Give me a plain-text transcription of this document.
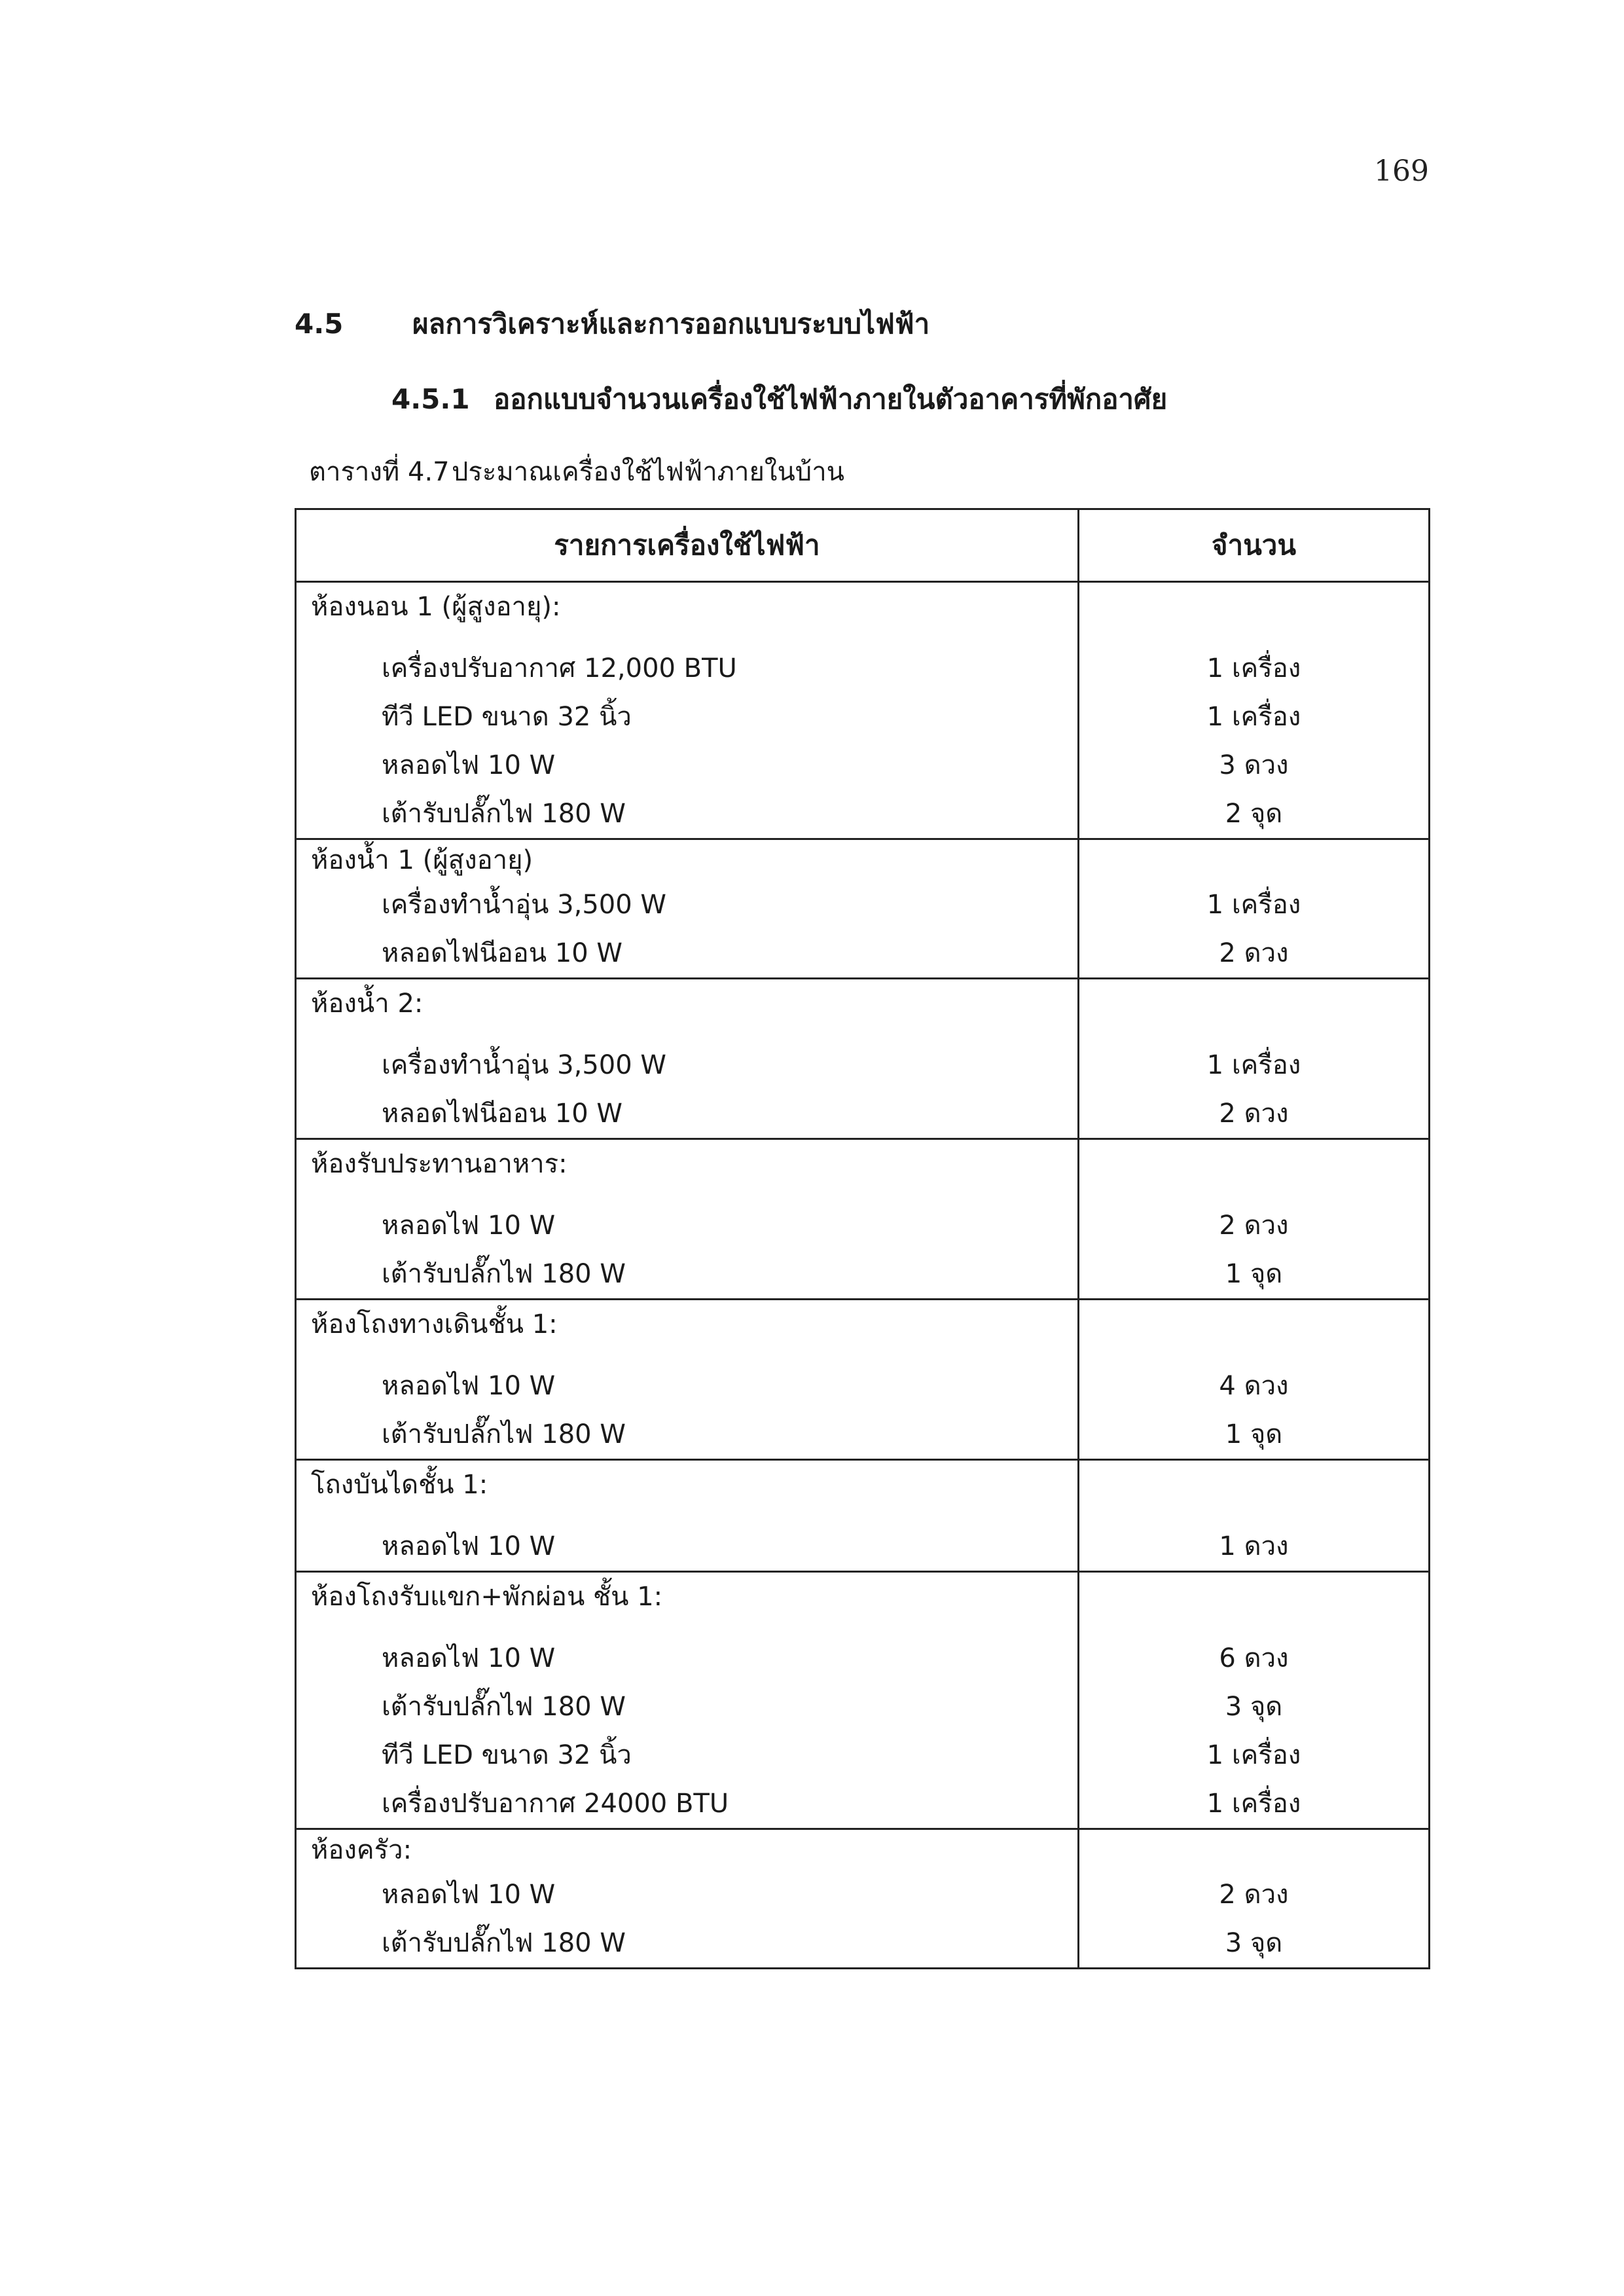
169
4.5	ผลการวิเคราะห์และการออกแบบระบบไฟฟ้า
4.5.1 ออกแบบจำนวนเครื่องใช้ไฟฟ้าภายในตัวอาคารที่พักอาศัย
ตารางที่ 4.7ประมาณเครื่องใช้ไฟฟ้าภายในบ้าน
รายการเครื่องใช้ไฟฟ้า	จำนวน

ห้องนอน 1 (ผู้สูงอายุ):	

เครื่องปรับอากาศ 12,000 BTU	1 เครื่อง

ทีวี LED ขนาด 32 นิ้ว	1 เครื่อง

หลอดไฟ 10 W	3 ดวง

เต้ารับปลั๊กไฟ 180 W	2 จุด

ห้องน้ำ 1 (ผู้สูงอายุ)	

เครื่องทำน้ำอุ่น 3,500 W	1 เครื่อง

หลอดไฟนีออน 10 W	2 ดวง

ห้องน้ำ 2:	

เครื่องทำน้ำอุ่น 3,500 W	1 เครื่อง

หลอดไฟนีออน 10 W	2 ดวง

ห้องรับประทานอาหาร:	

หลอดไฟ 10 W	2 ดวง

เต้ารับปลั๊กไฟ 180 W	1 จุด

ห้องโถงทางเดินชั้น 1:	

หลอดไฟ 10 W	4 ดวง

เต้ารับปลั๊กไฟ 180 W	1 จุด

โถงบันไดชั้น 1:	

หลอดไฟ 10 W	1 ดวง

ห้องโถงรับแขก+พักผ่อน ชั้น 1:	

หลอดไฟ 10 W	6 ดวง

เต้ารับปลั๊กไฟ 180 W	3 จุด

ทีวี LED ขนาด 32 นิ้ว	1 เครื่อง

เครื่องปรับอากาศ 24000 BTU	1 เครื่อง

ห้องครัว:	

หลอดไฟ 10 W	2 ดวง

เต้ารับปลั๊กไฟ 180 W	3 จุด
